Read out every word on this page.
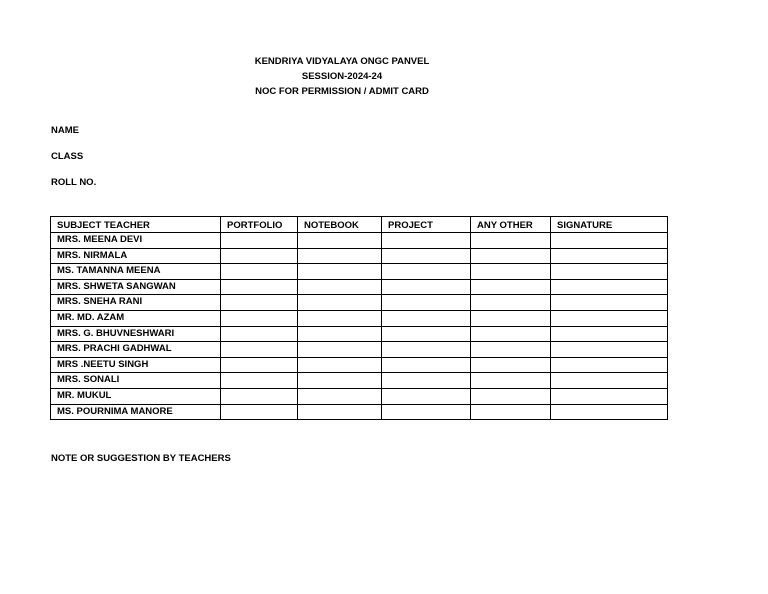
KENDRIYA VIDYALAYA ONGC PANVEL
SESSION-2024-24
NOC FOR PERMISSION / ADMIT CARD
NAME
CLASS
ROLL NO.
SUBJECT TEACHER	PORTFOLIO	NOTEBOOK	PROJECT	ANY OTHER	SIGNATURE
MRS. MEENA DEVI					
MRS. NIRMALA					
MS. TAMANNA MEENA					
MRS. SHWETA SANGWAN					
MRS. SNEHA RANI					
MR. MD. AZAM					
MRS. G. BHUVNESHWARI					
MRS. PRACHI GADHWAL					
MRS .NEETU SINGH					
MRS. SONALI					
MR. MUKUL					
MS. POURNIMA MANORE					
NOTE OR SUGGESTION BY TEACHERS
